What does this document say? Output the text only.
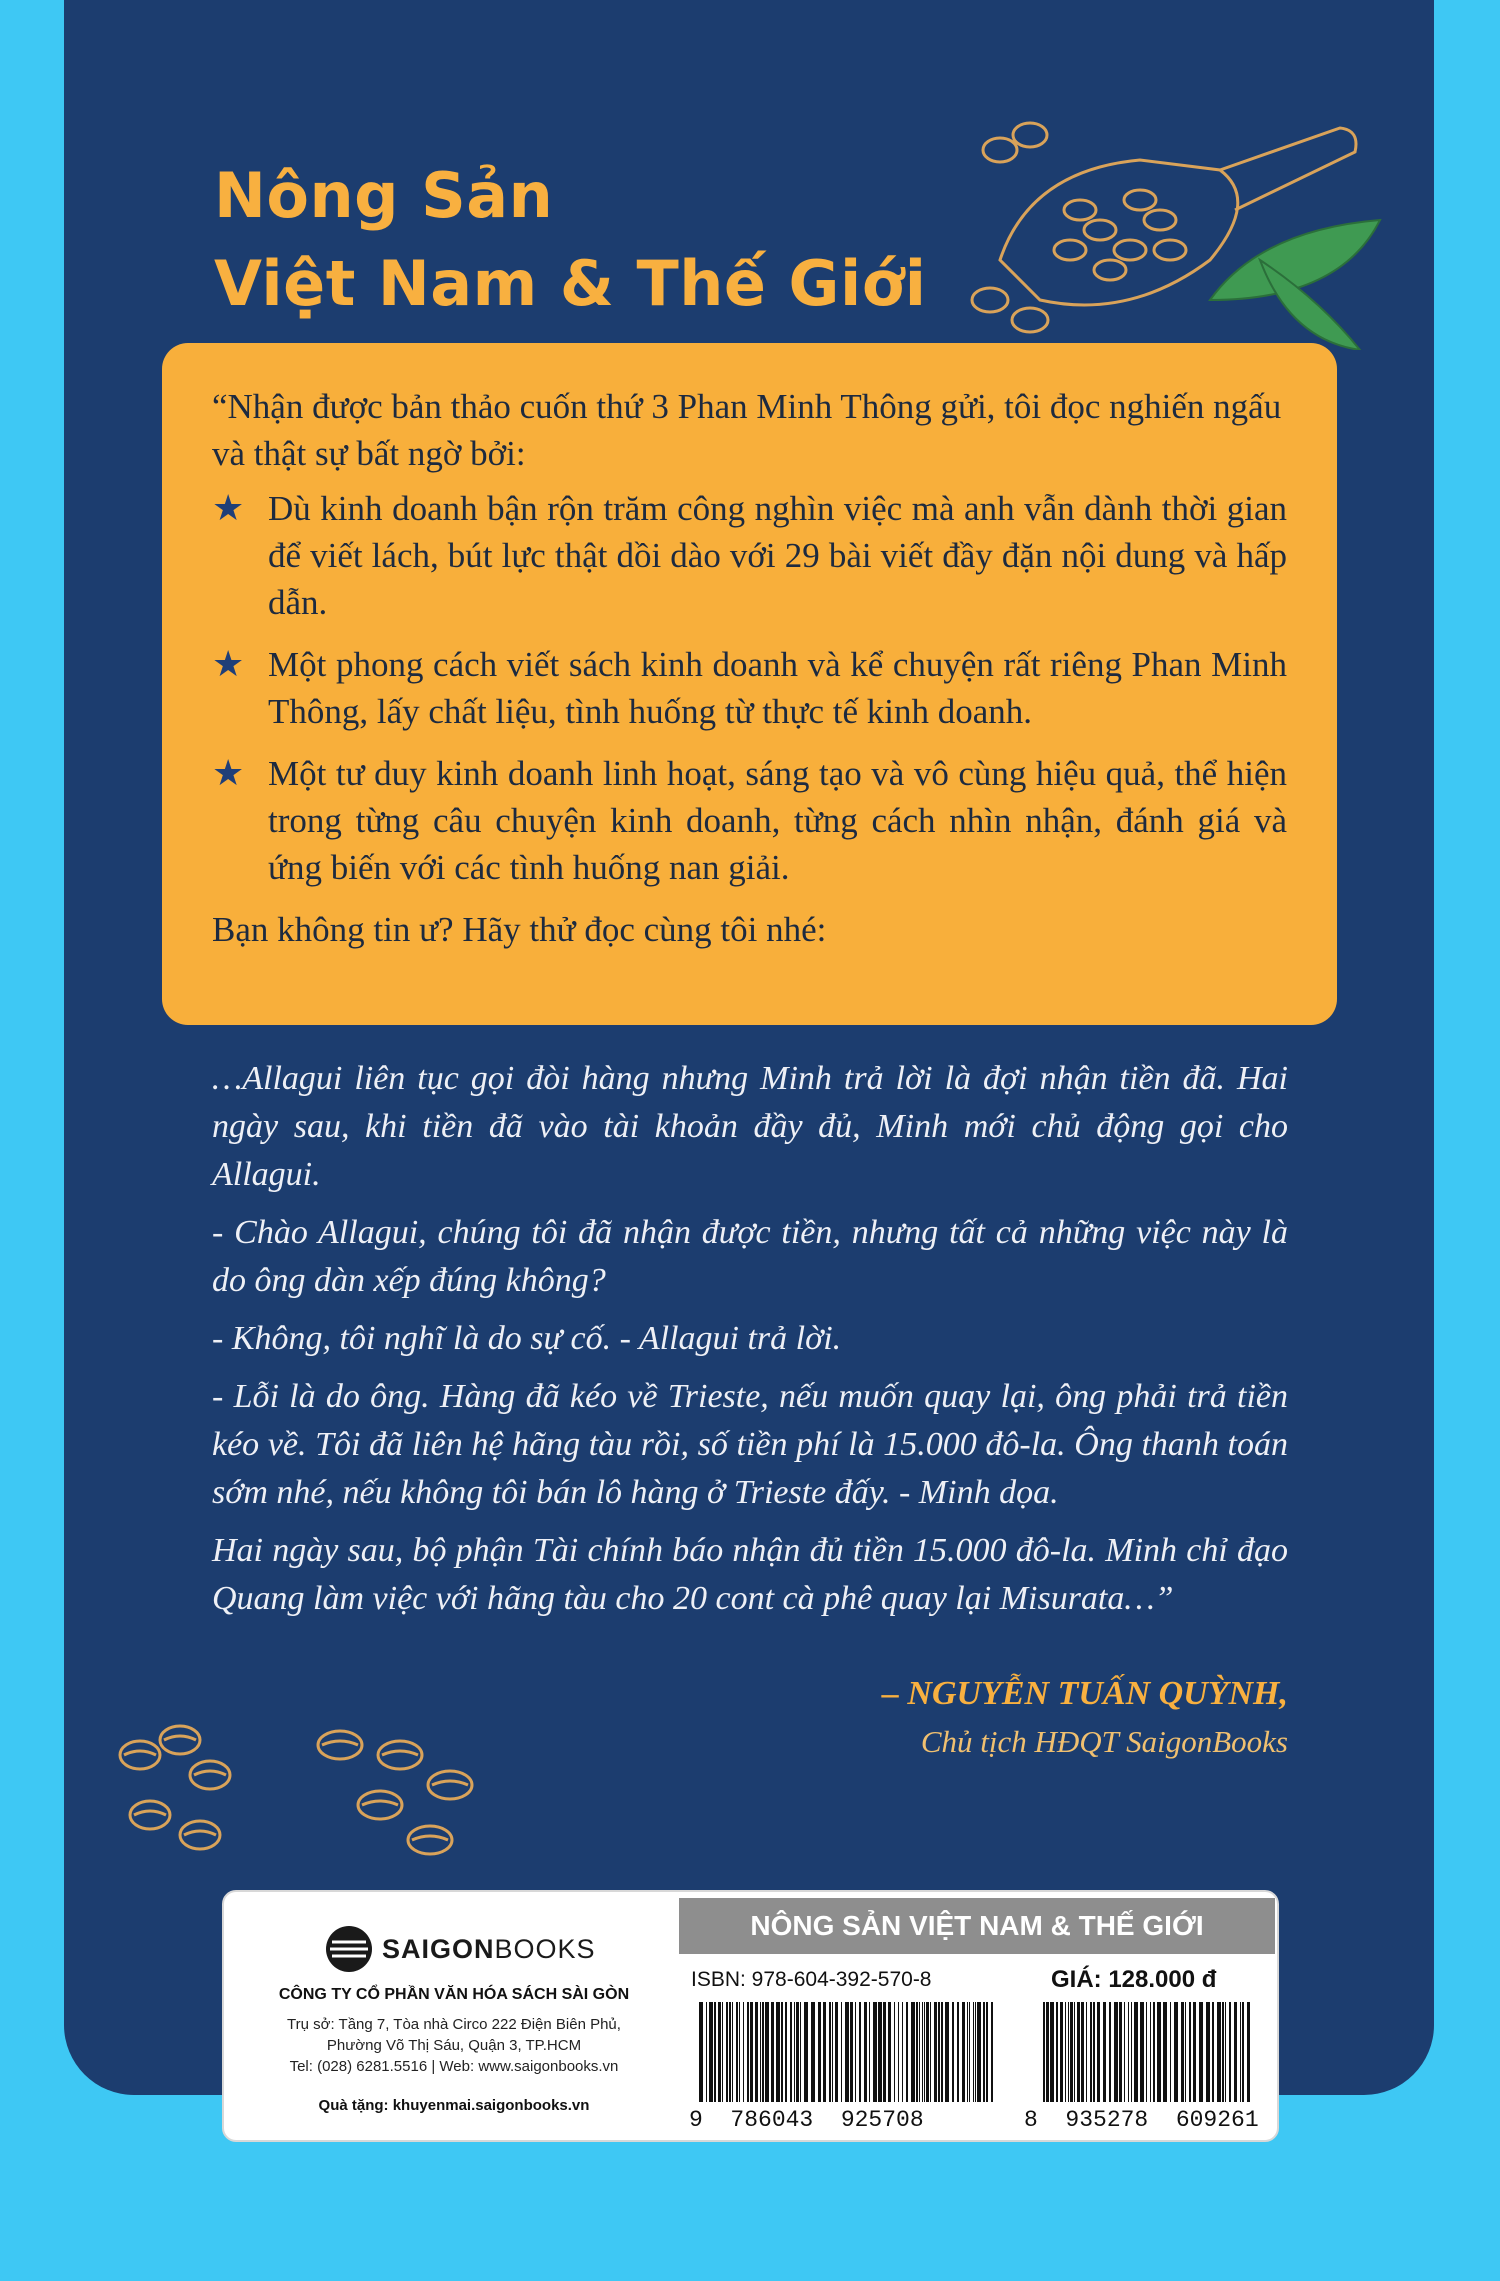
Nông Sản
Việt Nam & Thế Giới

“Nhận được bản thảo cuốn thứ 3 Phan Minh Thông gửi, tôi đọc nghiến ngấu và thật sự bất ngờ bởi:

★ Dù kinh doanh bận rộn trăm công nghìn việc mà anh vẫn dành thời gian để viết lách, bút lực thật dồi dào với 29 bài viết đầy đặn nội dung và hấp dẫn.
★ Một phong cách viết sách kinh doanh và kể chuyện rất riêng Phan Minh Thông, lấy chất liệu, tình huống từ thực tế kinh doanh.
★ Một tư duy kinh doanh linh hoạt, sáng tạo và vô cùng hiệu quả, thể hiện trong từng câu chuyện kinh doanh, từng cách nhìn nhận, đánh giá và ứng biến với các tình huống nan giải.

Bạn không tin ư? Hãy thử đọc cùng tôi nhé:

…Allagui liên tục gọi đòi hàng nhưng Minh trả lời là đợi nhận tiền đã. Hai ngày sau, khi tiền đã vào tài khoản đầy đủ, Minh mới chủ động gọi cho Allagui.

- Chào Allagui, chúng tôi đã nhận được tiền, nhưng tất cả những việc này là do ông dàn xếp đúng không?

- Không, tôi nghĩ là do sự cố. - Allagui trả lời.

- Lỗi là do ông. Hàng đã kéo về Trieste, nếu muốn quay lại, ông phải trả tiền kéo về. Tôi đã liên hệ hãng tàu rồi, số tiền phí là 15.000 đô-la. Ông thanh toán sớm nhé, nếu không tôi bán lô hàng ở Trieste đấy. - Minh dọa.

Hai ngày sau, bộ phận Tài chính báo nhận đủ tiền 15.000 đô-la. Minh chỉ đạo Quang làm việc với hãng tàu cho 20 cont cà phê quay lại Misurata…”

– NGUYỄN TUẤN QUỲNH,
Chủ tịch HĐQT SaigonBooks
SAIGONBOOKS
CÔNG TY CỔ PHẦN VĂN HÓA SÁCH SÀI GÒN
Trụ sở: Tầng 7, Tòa nhà Circo 222 Điện Biên Phủ,
Phường Võ Thị Sáu, Quận 3, TP.HCM
Tel: (028) 6281.5516 | Web: www.saigonbooks.vn
Quà tặng: khuyenmai.saigonbooks.vn
NÔNG SẢN VIỆT NAM & THẾ GIỚI
ISBN: 978-604-392-570-8	GIÁ: 128.000 đ
9  786043  925708	8  935278  609261
